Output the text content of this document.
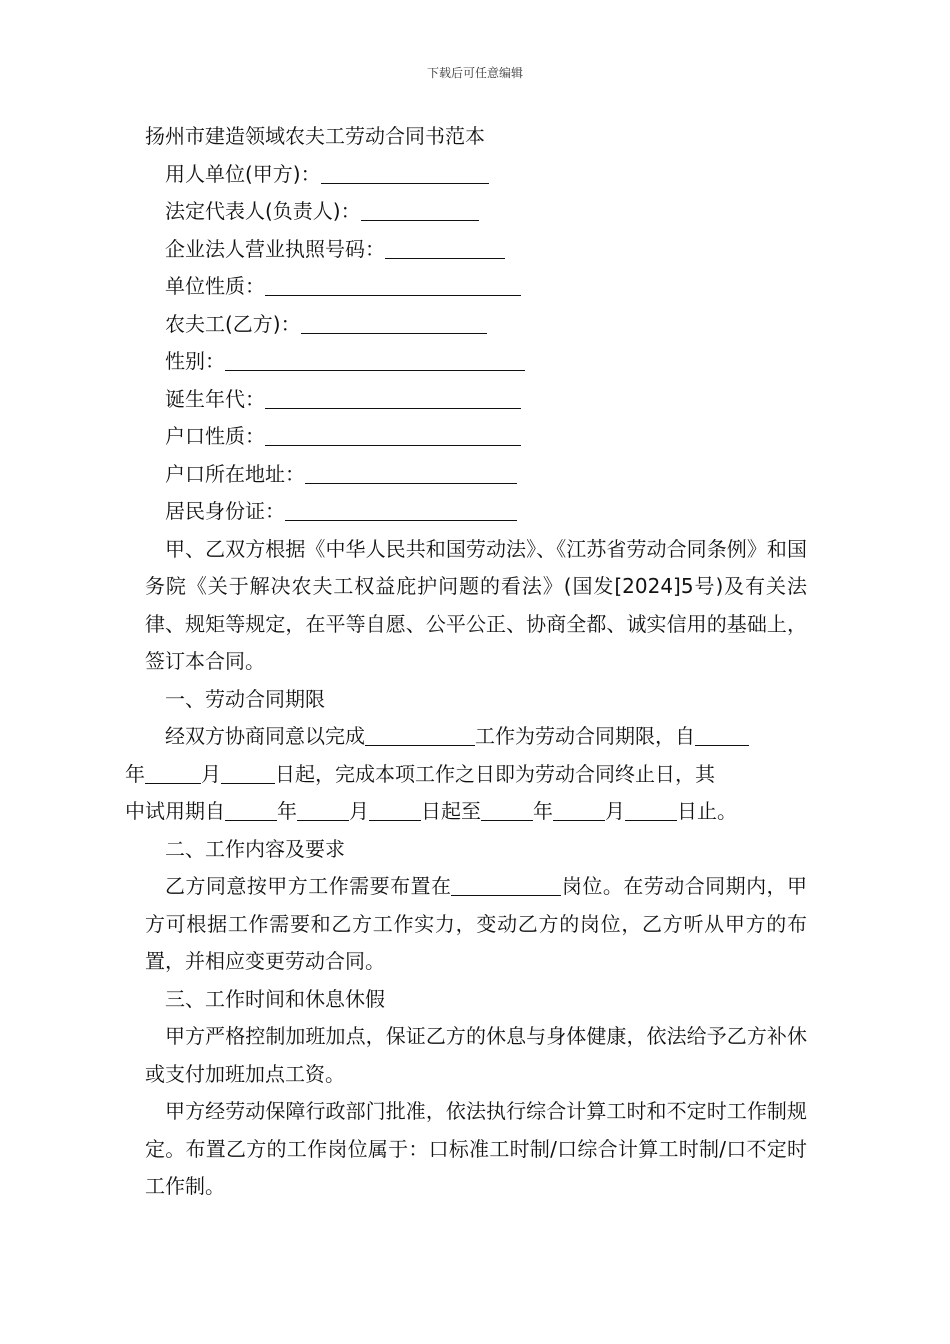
下载后可任意编辑

扬州市建造领域农夫工劳动合同书范本

用人单位(甲方)：

法定代表人(负责人)：

企业法人营业执照号码：

单位性质：

农夫工(乙方)：

性别：

诞生年代：

户口性质：

户口所在地址：

居民身份证：

甲、乙双方根据《中华人民共和国劳动法》、《江苏省劳动合同条例》和国务院《关于解决农夫工权益庇护问题的看法》(国发[2024]5号)及有关法律、规矩等规定，在平等自愿、公平公正、协商全都、诚实信用的基础上，签订本合同。

一、劳动合同期限

经双方协商同意以完成	工作为劳动合同期限，自
年	月	日起，完成本项工作之日即为劳动合同终止日，其
中试用期自	年	月	日起至	年	月	日止。

二、工作内容及要求

乙方同意按甲方工作需要布置在	岗位。在劳动合同期内，甲方可根据工作需要和乙方工作实力，变动乙方的岗位，乙方听从甲方的布置，并相应变更劳动合同。

三、工作时间和休息休假

甲方严格控制加班加点，保证乙方的休息与身体健康，依法给予乙方补休或支付加班加点工资。

甲方经劳动保障行政部门批准，依法执行综合计算工时和不定时工作制规定。布置乙方的工作岗位属于：口标准工时制/口综合计算工时制/口不定时工作制。
